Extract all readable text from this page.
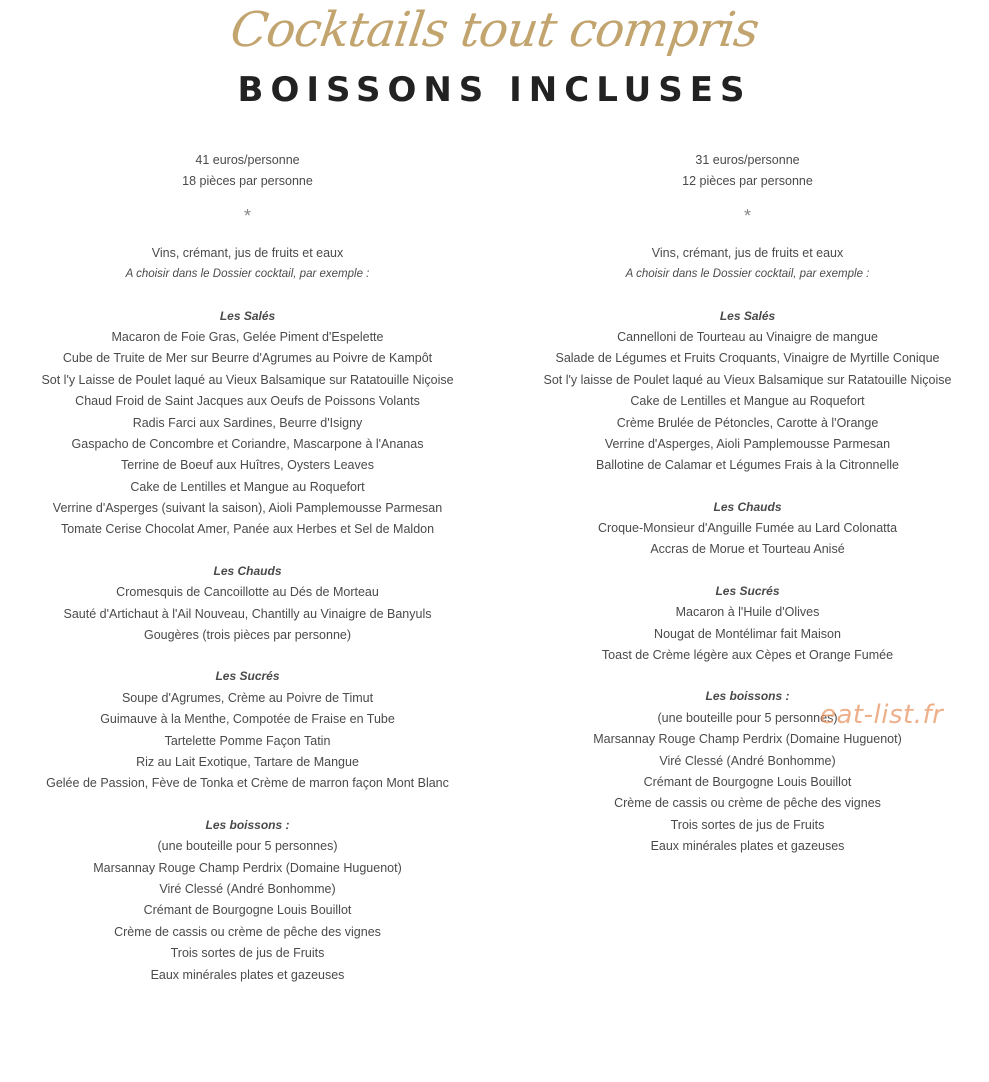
Cocktails tout compris
BOISSONS INCLUSES
41 euros/personne
18 pièces par personne
*
Vins, crémant, jus de fruits et eaux
A choisir dans le Dossier cocktail, par exemple :
Les Salés
Macaron de Foie Gras, Gelée Piment d'Espelette
Cube de Truite de Mer sur Beurre d'Agrumes au Poivre de Kampôt
Sot l'y Laisse de Poulet laqué au Vieux Balsamique sur Ratatouille Niçoise
Chaud Froid de Saint Jacques aux Oeufs de Poissons Volants
Radis Farci aux Sardines, Beurre d'Isigny
Gaspacho de Concombre et Coriandre, Mascarpone à l'Ananas
Terrine de Boeuf aux Huîtres, Oysters Leaves
Cake de Lentilles et Mangue au Roquefort
Verrine d'Asperges (suivant la saison), Aioli Pamplemousse Parmesan
Tomate Cerise Chocolat Amer, Panée aux Herbes et Sel de Maldon
Les Chauds
Cromesquis de Cancoillotte au Dés de Morteau
Sauté d'Artichaut à l'Ail Nouveau, Chantilly au Vinaigre de Banyuls
Gougères (trois pièces par personne)
Les Sucrés
Soupe d'Agrumes, Crème au Poivre de Timut
Guimauve à la Menthe, Compotée de Fraise en Tube
Tartelette Pomme Façon Tatin
Riz au Lait Exotique, Tartare de Mangue
Gelée de Passion, Fève de Tonka et Crème de marron façon Mont Blanc
Les boissons :
(une bouteille pour 5 personnes)
Marsannay Rouge Champ Perdrix (Domaine Huguenot)
Viré Clessé (André Bonhomme)
Crémant de Bourgogne Louis Bouillot
Crème de cassis ou crème de pêche des vignes
Trois sortes de jus de Fruits
Eaux minérales plates et gazeuses
31 euros/personne
12 pièces par personne
*
Vins, crémant, jus de fruits et eaux
A choisir dans le Dossier cocktail, par exemple :
Les Salés
Cannelloni de Tourteau au Vinaigre de mangue
Salade de Légumes et Fruits Croquants, Vinaigre de Myrtille Conique
Sot l'y laisse de Poulet laqué au Vieux Balsamique sur Ratatouille Niçoise
Cake de Lentilles et Mangue au Roquefort
Crème Brulée de Pétoncles, Carotte à l'Orange
Verrine d'Asperges, Aioli Pamplemousse Parmesan
Ballotine de Calamar et Légumes Frais à la Citronnelle
Les Chauds
Croque-Monsieur d'Anguille Fumée au Lard Colonatta
Accras de Morue et Tourteau Anisé
Les Sucrés
Macaron à l'Huile d'Olives
Nougat de Montélimar fait Maison
Toast de Crème légère aux Cèpes et Orange Fumée
Les boissons :
(une bouteille pour 5 personnes)
Marsannay Rouge Champ Perdrix (Domaine Huguenot)
Viré Clessé (André Bonhomme)
Crémant de Bourgogne Louis Bouillot
Crème de cassis ou crème de pêche des vignes
Trois sortes de jus de Fruits
Eaux minérales plates et gazeuses
eat-list.fr
